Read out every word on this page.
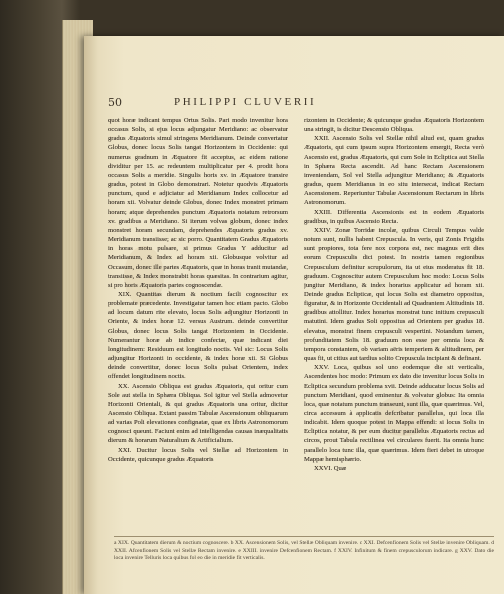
50	PHILIPPI CLUVERII

quot horæ indicant tempus Ortus Solis. Pari modo invenitur hora occasus Solis, si ejus locus adjungatur Meridiano: ac observatur gradus Æquatoris simul stringens Meridianum. Deinde convertatur Globus, donec locus Solis tangat Horizontem in Occidente: qui numerus gradnum in Æquatore fit acceptus, ac eidem ratione dividitur per 15. ac redeuntem multiplicatur per 4. prodit hora occasus Solis a meridie. Singulis horis xv. in Æquatore transire gradus, potest in Globo demonstrari. Notetur quodvis Æquatoris punctum, quod e adjiciatur ad Meridianum Index collocetur ad horam xii. Volvatur deinde Globus, donec Index monstret primam horam; atque deprehendes punctum Æquatoris notatum retrorsum xv. gradibus a Meridiano. Si iterum volvas globum, donec index monstret horam secundam, deprehendes Æquatoris gradus xv. Meridianum transiisse; ac sic porro. Quantitatem Gradus Æquatoris in horas motu pulsare, si primus Gradus Y adducitur ad Meridianum, & Index ad horam xii. Globusque volvitur ad Occasum, donec ille partes Æquatoris, quæ in horas tranit mutandæ, transiisse, & Index monstrabit horas quæsitas. In contrarium agitur, si pro horis Æquatoris partes cognoscendæ.

XIX. Quantitas dierum & noctium facili cognoscitur ex problemate præcedente. Investigatur tamen hoc etiam pacto. Globo ad locum datum rite elevato, locus Solis adjungitur Horizonti in Oriente, & index horæ 12. versus Austrum. deinde convertitur Globus, donec locus Solis tangat Horizontem in Occidente. Numerantur horæ ab indice confectæ, quæ indicant diei longitudinem: Residuum est longitudo noctis. Vel sic: Locus Solis adjungitur Horizonti in occidente, & index horæ xii. Si Globus deinde convertitur, donec locus Solis pulsat Orientem, index offendet longitudinem noctis.

XX. Ascensio Obliqua est gradus Æquatoris, qui oritur cum Sole aut stella in Sphæra Obliqua. Sol igitur vel Stella admovetur Horizonti Orientali, & qui gradus Æquatoris una oritur, dicitur Ascensio Obliqua. Extant passim Tabulæ Ascensionum obliquarum ad varias Poli elevationes confignatæ, quæ ex libris Astronomorum cognosci queunt. Faciunt enim ad intelligendas causas inæqualitatis dierum & horarum Naturalium & Artificialium.

XXI. Ducitur locus Solis vel Stellæ ad Horizontem in Occidente, quicunque gradus Æquatoris

rizontem in Occidente; & quicunque gradus Æquatoris Horizontem una stringit, is dicitur Descensio Obliqua.

XXII. Ascensio Solis vel Stellæ nihil aliud est, quam gradus Æquatoris, qui cum ipsum supra Horizontem emergit, Recta verò Ascensio est, gradus Æquatoris, qui cum Sole in Ecliptica aut Stella in Sphæra Recta ascendit. Ad hanc Rectam Ascensionem inveniendam, Sol vel Stella adjungitur Meridiano; & Æquatoris gradus, quem Meridianus in eo situ intersecat, indicat Rectam Ascensionem. Reperiuntur Tabulæ Ascensionum Rectarum in libris Astronomorum.

XXIII. Differentia Ascensionis est in eodem Æquatoris gradibus, in quibus Ascensio Recta.

XXIV. Zonæ Torridæ incolæ, quibus Circuli Tempus valde notum sunt, nullis habent Crepuscula. In veris, qui Zonis Frigidis sunt propiores, tota fere nox corpora est, nec magnus erit dies eorum Crepusculis dici potest. In nostris tamen regionibus Crepusculum definitur scrupulorum, ita ut eius moderatus fit 18. graduum. Cognoscitur autem Crepusculum hoc modo: Locus Solis jungitur Meridiano, & index horarius applicatur ad horam xii. Deinde gradus Eclipticæ, qui locus Solis est diametro oppositus, figuratur, & in Horizonte Occidentali ad Quadrantem Altitudinis 18. gradibus attollitur. Index horarius monstrat tunc initium crepusculi matutini. Idem gradus Soli oppositus ad Orientem per gradus 18. elevatus, monstrat finem crepusculi vespertini. Notandum tamen, profunditatem Solis 18. graduum non esse per omnia loca & tempora constantem, ob variam aëris temperiem & altitudinem, per quas fit, ut citius aut tardius solito Crepuscula incipiant & definant.

XXV. Loca, quibus sol uno eodemque die sit verticalis, Ascendentes hoc modo: Primum ex dato die invenitur locus Solis in Ecliptica secundum problema xvii. Deinde adducatur locus Solis ad punctum Meridiani, quod eminentur & volvatur globus: Ita omnia loca, quæ notatum punctum transeunt, sunt illa, quæ quærimus. Vel, circa accessum à applicatis defcribatur parallelus, qui loca illa indicabit. Idem quoque potest in Mappa effendi: si locus Solis in Ecliptica notatur, & per eum ducitur parallelus Æquatoris rectus ad circos, prout Tabula rectilinea vel circulares fuerit. Ita omnia hunc parallelo loca tunc illa, quæ quærimus. Idem fieri debet in utroque Mappæ hemisphærio.

XXVI. Quæ

a XIX. Quantitatem dierum & noctium cognoscere. b XX. Ascensionem Solis, vel Stellæ Obliquam invenire. c XXI. Defcenfionem Solis vel Stellæ invenire Obliquam. d XXII. Afcenfionem Solis vel Stellæ Rectam invenire. e XXIII. invenire Defcenfionem Rectam. f XXIV. Infinitum & finem crepusculorum indicare. g XXV. Dato die loca invenire Telluris loca quibus fol eo die in meridie fit verticalis.
